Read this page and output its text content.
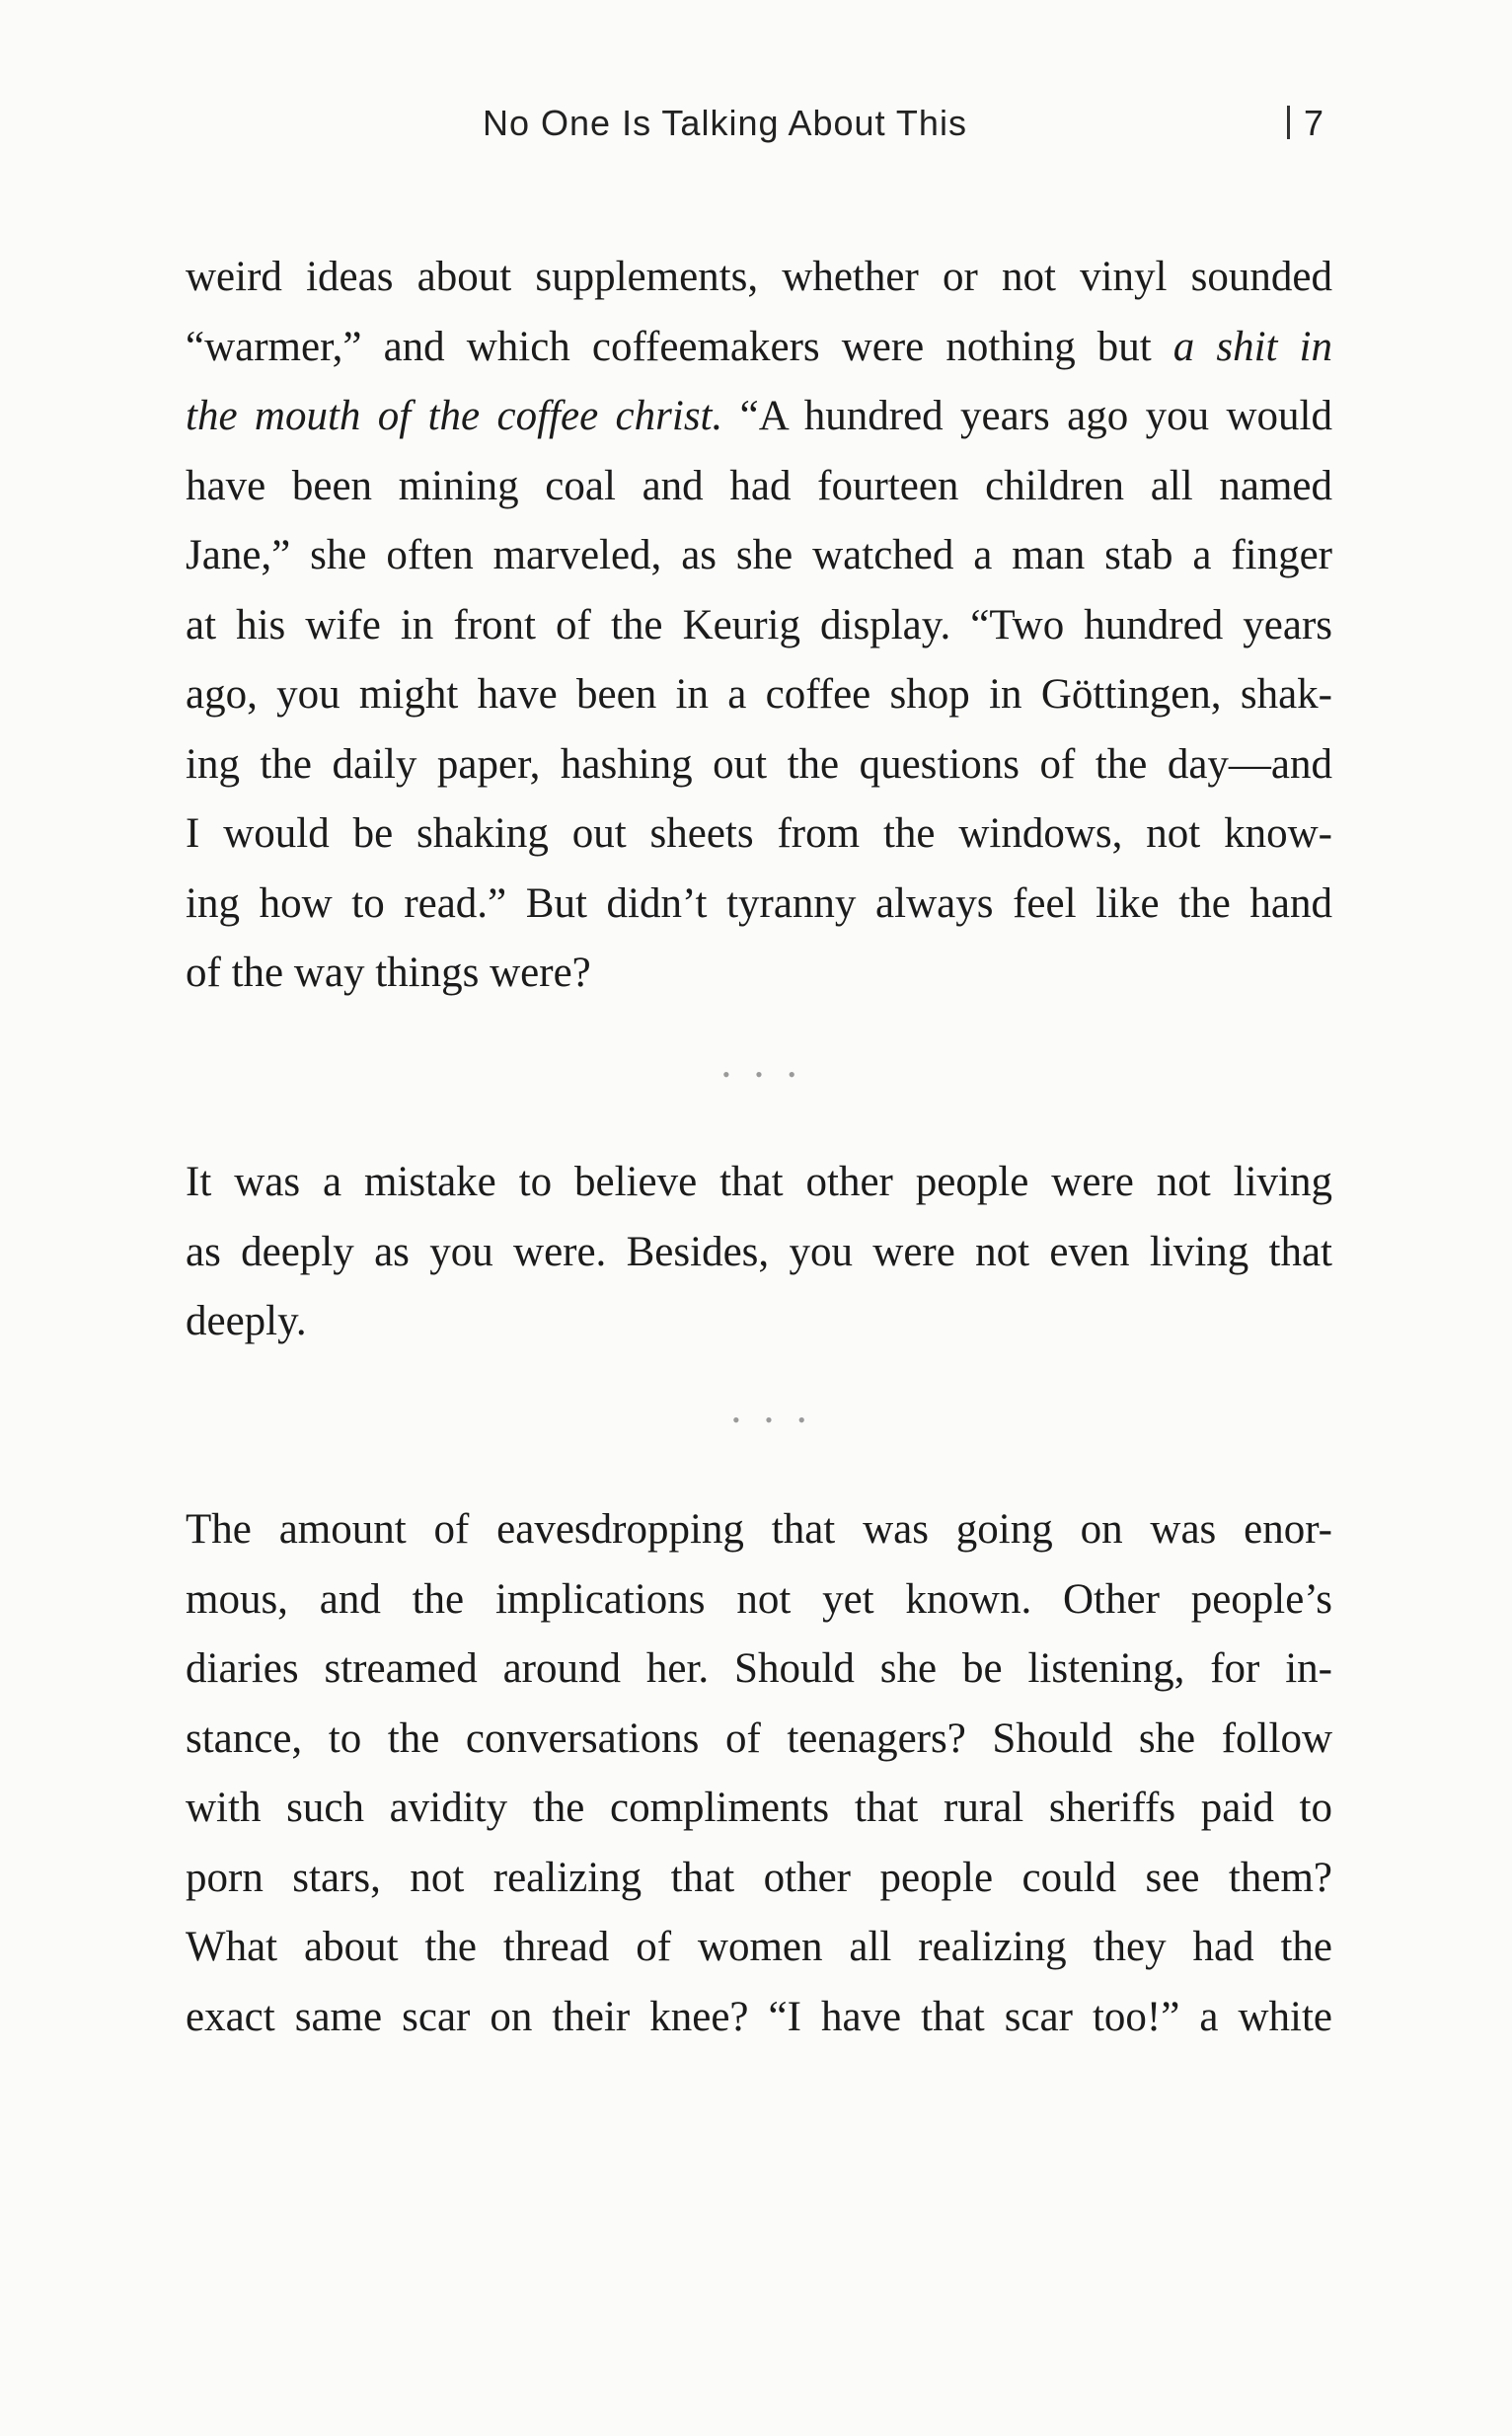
No One Is Talking About This	7
weird ideas about supplements, whether or not vinyl sounded
“warmer,” and which coffeemakers were nothing but a shit in
the mouth of the coffee christ. “A hundred years ago you would
have been mining coal and had fourteen children all named
Jane,” she often marveled, as she watched a man stab a finger
at his wife in front of the Keurig display. “Two hundred years
ago, you might have been in a coffee shop in Göttingen, shak-
ing the daily paper, hashing out the questions of the day—and
I would be shaking out sheets from the windows, not know-
ing how to read.” But didn’t tyranny always feel like the hand
of the way things were?
• • •
It was a mistake to believe that other people were not living
as deeply as you were. Besides, you were not even living that
deeply.
• • •
The amount of eavesdropping that was going on was enor-
mous, and the implications not yet known. Other people’s
diaries streamed around her. Should she be listening, for in-
stance, to the conversations of teenagers? Should she follow
with such avidity the compliments that rural sheriffs paid to
porn stars, not realizing that other people could see them?
What about the thread of women all realizing they had the
exact same scar on their knee? “I have that scar too!” a white
